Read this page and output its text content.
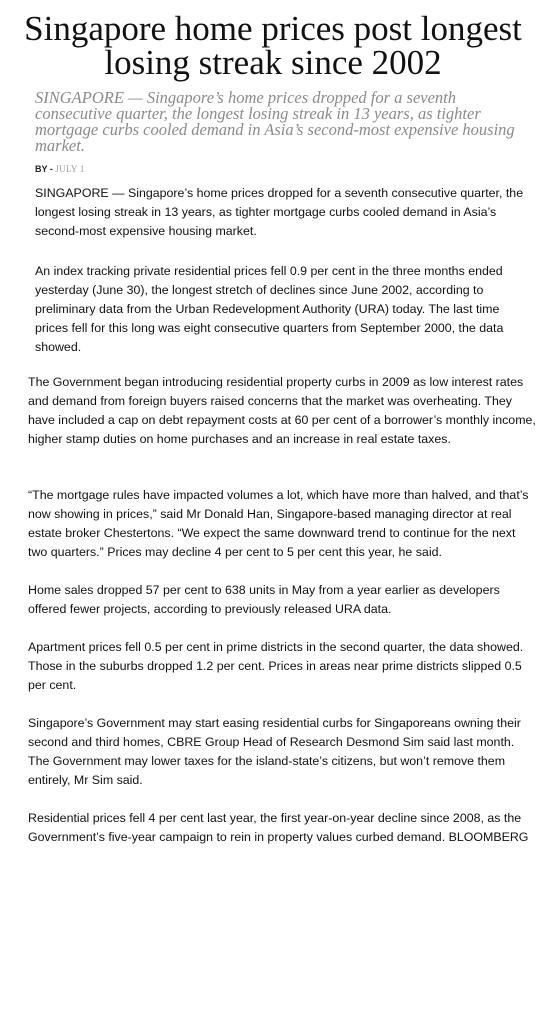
Singapore home prices post longest losing streak since 2002

SINGAPORE — Singapore’s home prices dropped for a seventh consecutive quarter, the longest losing streak in 13 years, as tighter mortgage curbs cooled demand in Asia’s second-most expensive housing market.

BY - JULY 1

SINGAPORE — Singapore’s home prices dropped for a seventh consecutive quarter, the longest losing streak in 13 years, as tighter mortgage curbs cooled demand in Asia’s second-most expensive housing market.

An index tracking private residential prices fell 0.9 per cent in the three months ended yesterday (June 30), the longest stretch of declines since June 2002, according to preliminary data from the Urban Redevelopment Authority (URA) today. The last time prices fell for this long was eight consecutive quarters from September 2000, the data showed.

The Government began introducing residential property curbs in 2009 as low interest rates and demand from foreign buyers raised concerns that the market was overheating. They have included a cap on debt repayment costs at 60 per cent of a borrower’s monthly income, higher stamp duties on home purchases and an increase in real estate taxes.

“The mortgage rules have impacted volumes a lot, which have more than halved, and that’s now showing in prices,” said Mr Donald Han, Singapore-based managing director at real estate broker Chestertons. “We expect the same downward trend to continue for the next two quarters.” Prices may decline 4 per cent to 5 per cent this year, he said.

Home sales dropped 57 per cent to 638 units in May from a year earlier as developers offered fewer projects, according to previously released URA data.

Apartment prices fell 0.5 per cent in prime districts in the second quarter, the data showed. Those in the suburbs dropped 1.2 per cent. Prices in areas near prime districts slipped 0.5 per cent.

Singapore’s Government may start easing residential curbs for Singaporeans owning their second and third homes, CBRE Group Head of Research Desmond Sim said last month. The Government may lower taxes for the island-state’s citizens, but won’t remove them entirely, Mr Sim said.

Residential prices fell 4 per cent last year, the first year-on-year decline since 2008, as the Government’s five-year campaign to rein in property values curbed demand. BLOOMBERG
